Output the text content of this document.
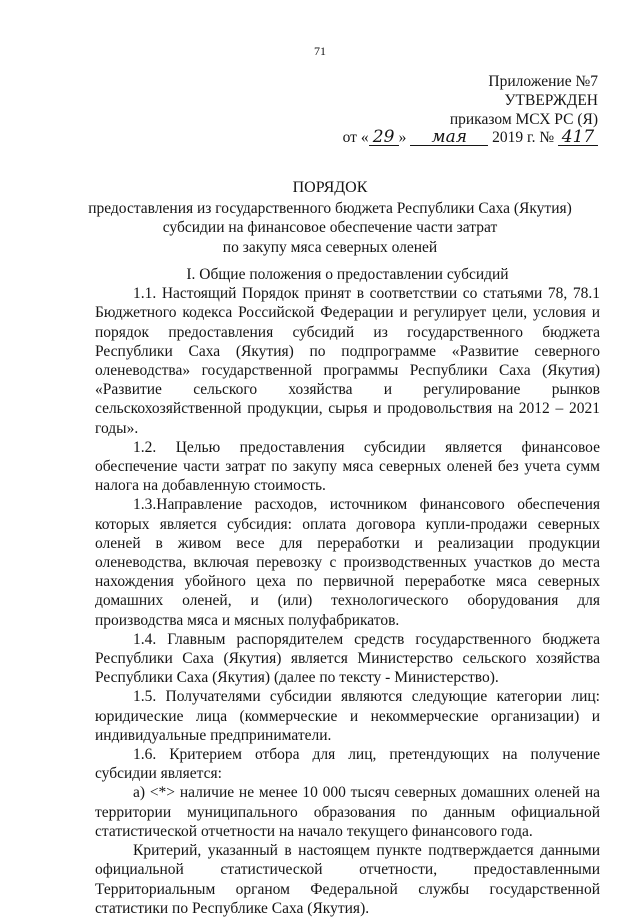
71
Приложение №7
УТВЕРЖДЕН
приказом МСХ РС (Я)
от « 29 » мая 2019 г. № 417
ПОРЯДОК
предоставления из государственного бюджета Республики Саха (Якутия)
субсидии на финансовое обеспечение части затрат
по закупу мяса северных оленей
I. Общие положения о предоставлении субсидий

1.1. Настоящий Порядок принят в соответствии со статьями 78, 78.1 Бюджетного кодекса Российской Федерации и регулирует цели, условия и порядок предоставления субсидий из государственного бюджета Республики Саха (Якутия) по подпрограмме «Развитие северного оленеводства» государственной программы Республики Саха (Якутия) «Развитие сельского хозяйства и регулирование рынков сельскохозяйственной продукции, сырья и продовольствия на 2012 – 2021 годы».

1.2. Целью предоставления субсидии является финансовое обеспечение части затрат по закупу мяса северных оленей без учета сумм налога на добавленную стоимость.

1.3.Направление расходов, источником финансового обеспечения которых является субсидия: оплата договора купли-продажи северных оленей в живом весе для переработки и реализации продукции оленеводства, включая перевозку с производственных участков до места нахождения убойного цеха по первичной переработке мяса северных домашних оленей, и (или) технологического оборудования для производства мяса и мясных полуфабрикатов.

1.4. Главным распорядителем средств государственного бюджета Республики Саха (Якутия) является Министерство сельского хозяйства Республики Саха (Якутия) (далее по тексту - Министерство).

1.5. Получателями субсидии являются следующие категории лиц: юридические лица (коммерческие и некоммерческие организации) и индивидуальные предприниматели.

1.6. Критерием отбора для лиц, претендующих на получение субсидии является:

а) <*> наличие не менее 10 000 тысяч северных домашних оленей на территории муниципального образования по данным официальной статистической отчетности на начало текущего финансового года.

Критерий, указанный в настоящем пункте подтверждается данными официальной статистической отчетности, предоставленными Территориальным органом Федеральной службы государственной статистики по Республике Саха (Якутия).
